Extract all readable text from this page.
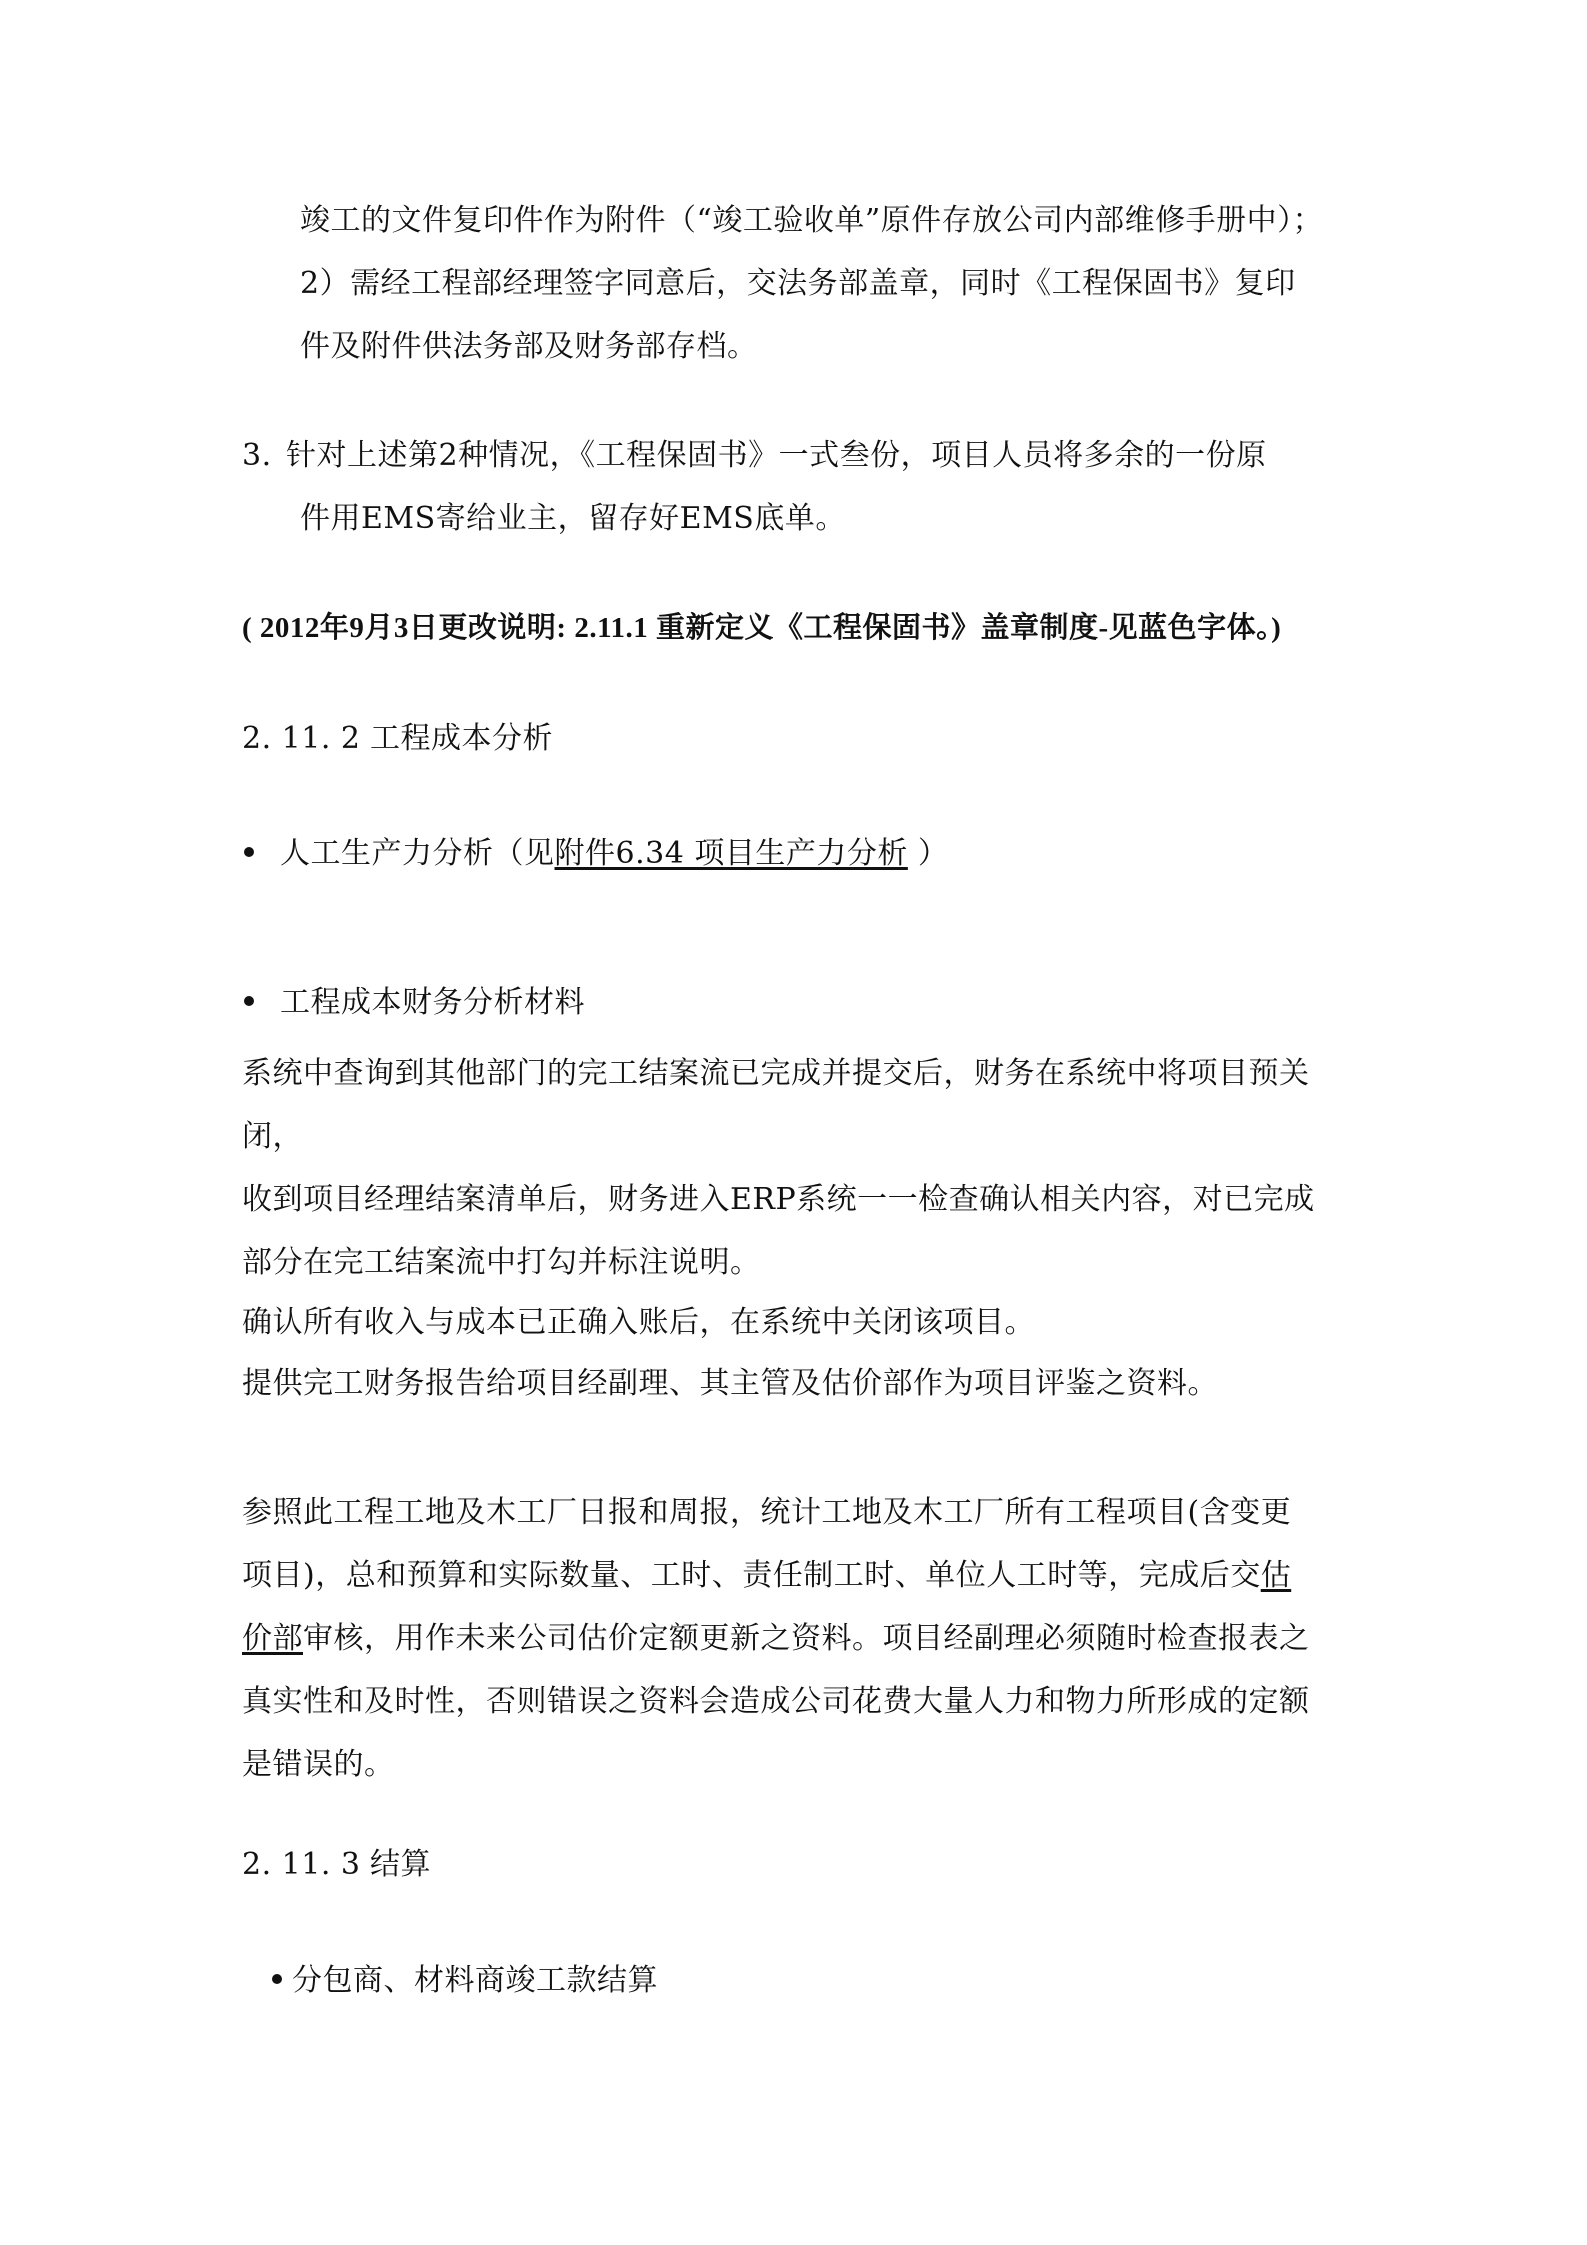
竣工的文件复印件作为附件（“竣工验收单”原件存放公司内部维修手册中）；
2）需经工程部经理签字同意后，交法务部盖章，同时《工程保固书》复印
件及附件供法务部及财务部存档。
3. 针对上述第2种情况，《工程保固书》一式叁份，项目人员将多余的一份原
件用EMS寄给业主，留存好EMS底单。
( 2012年9月3日更改说明: 2.11.1 重新定义《工程保固书》盖章制度-见蓝色字体。)
2. 11. 2 工程成本分析
人工生产力分析（见附件6.34 项目生产力分析 ）
工程成本财务分析材料
系统中查询到其他部门的完工结案流已完成并提交后，财务在系统中将项目预关
闭，
收到项目经理结案清单后，财务进入ERP系统一一检查确认相关内容，对已完成
部分在完工结案流中打勾并标注说明。
确认所有收入与成本已正确入账后，在系统中关闭该项目。
提供完工财务报告给项目经副理、其主管及估价部作为项目评鉴之资料。
参照此工程工地及木工厂日报和周报，统计工地及木工厂所有工程项目(含变更
项目)，总和预算和实际数量、工时、责任制工时、单位人工时等，完成后交估
价部审核，用作未来公司估价定额更新之资料。项目经副理必须随时检查报表之
真实性和及时性，否则错误之资料会造成公司花费大量人力和物力所形成的定额
是错误的。
2. 11. 3 结算
分包商、材料商竣工款结算
